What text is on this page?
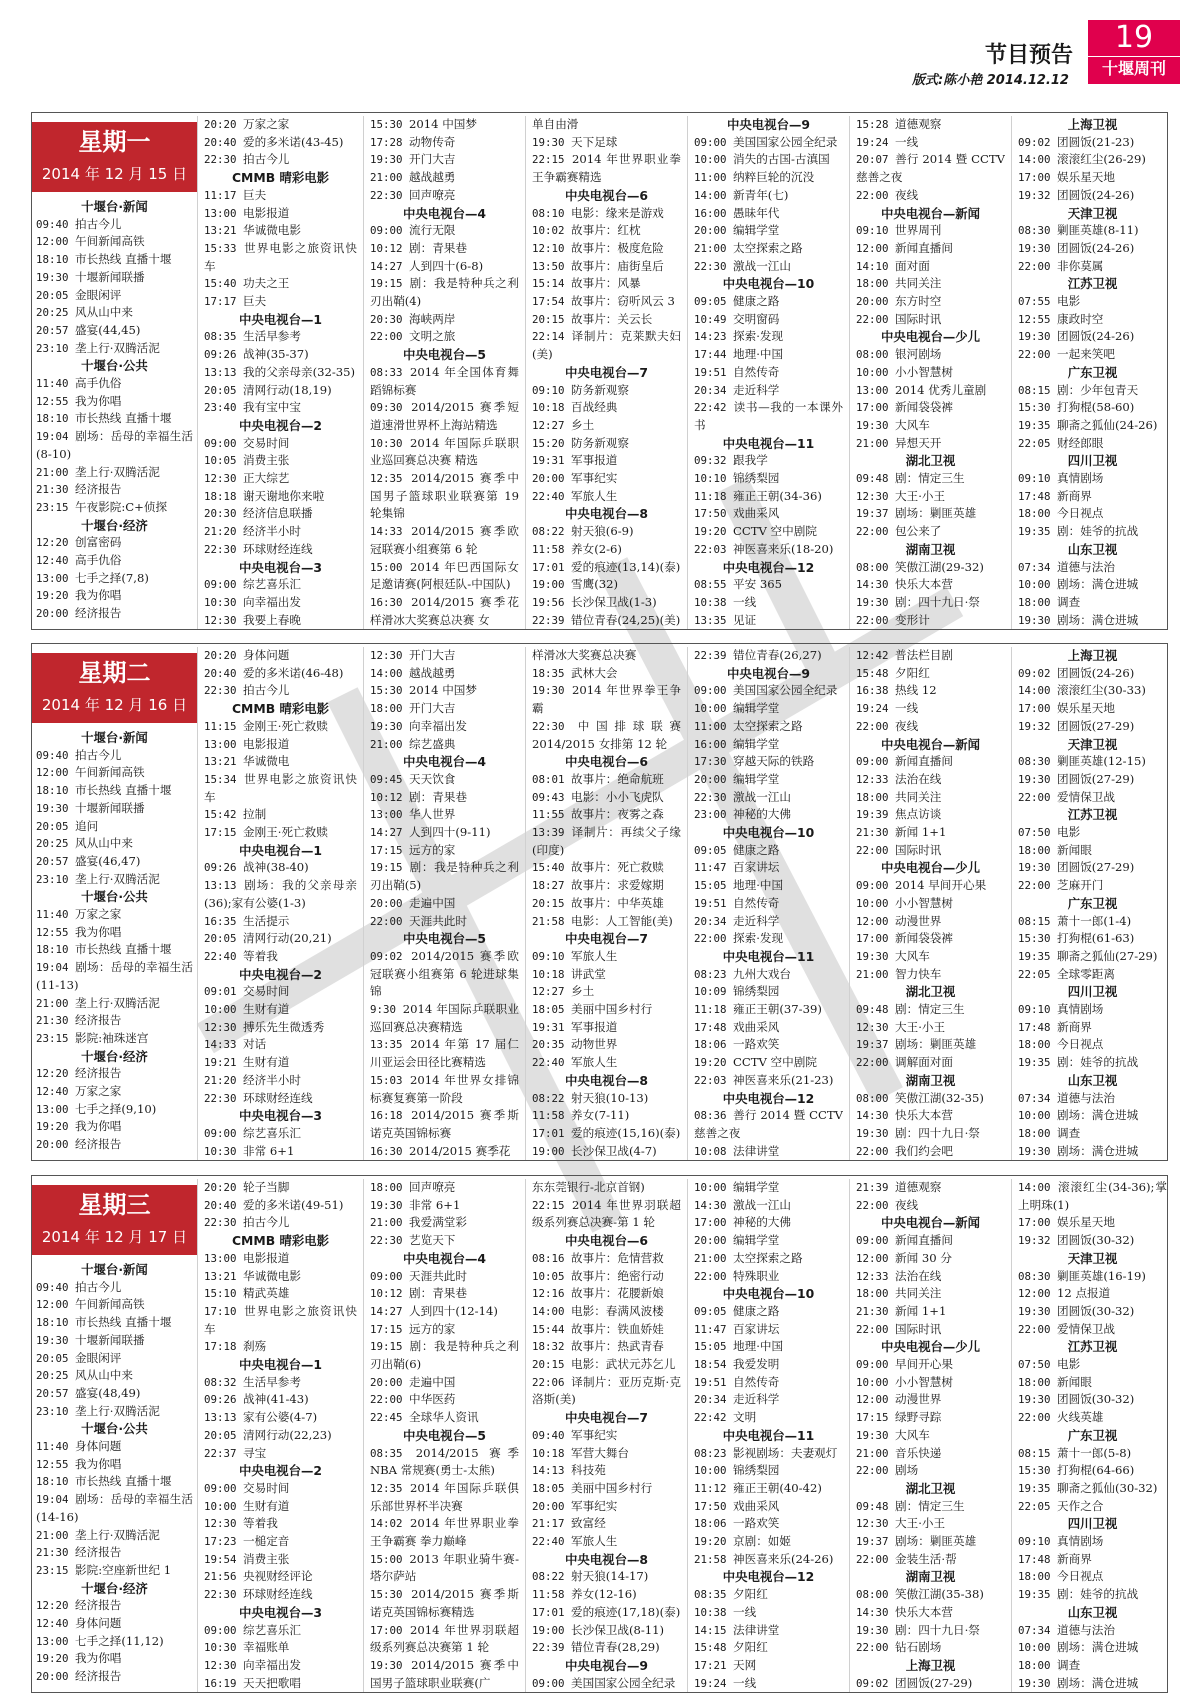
节目预告
版式:陈小艳 2014.12.12
19
十堰周刊
星期一
2014 年 12 月 15 日
十堰台·新闻
09:40 拍古今儿
12:00 午间新闻高铁
18:10 市长热线 直播十堰
19:30 十堰新闻联播
20:05 金眼闲评
20:25 风从山中来
20:57 盛宴(44,45)
23:10 垄上行·双腾活泥
十堰台·公共
11:40 高手仇俗
12:55 我为你唱
18:10 市长热线 直播十堰
19:04 剧场：岳母的幸福生活(8-10)
21:00 垄上行·双腾活泥
21:30 经济报告
23:15 午夜影院:C+侦探
十堰台·经济
12:20 创富密码
12:40 高手仇俗
13:00 七手之择(7,8)
19:20 我为你唱
20:00 经济报告
20:20 万家之家
20:40 爱的多米诺(43-45)
22:30 拍古今儿
CMMB 晴彩电影
11:17 巨夫
13:00 电影报道
13:21 华诚微电影
15:33 世界电影之旅资讯快车
15:40 功夫之王
17:17 巨夫
中央电视台—1
08:35 生活早参考
09:26 战神(35-37)
13:13 我的父亲母亲(32-35)
20:05 清网行动(18,19)
23:40 我有宝中宝
中央电视台—2
09:00 交易时间
10:05 消费主张
12:30 正大综艺
18:18 谢天谢地你来啦
20:30 经济信息联播
21:20 经济半小时
22:30 环球财经连线
中央电视台—3
09:00 综艺喜乐汇
10:30 向幸福出发
12:30 我要上春晚
15:30 2014 中国梦
17:28 动物传奇
19:30 开门大吉
21:00 越战越勇
22:30 回声嘹亮
中央电视台—4
09:00 流行无限
10:12 剧：青果巷
14:27 人到四十(6-8)
19:15 剧：我是特种兵之利刃出鞘(4)
20:30 海峡两岸
22:00 文明之旅
中央电视台—5
08:33 2014 年全国体育舞蹈锦标赛
09:30 2014/2015 赛季短道速滑世界杯上海站精选
10:30 2014 年国际乒联职业巡回赛总决赛 精选
12:35 2014/2015 赛季中国男子篮球职业联赛第 19 轮集锦
14:33 2014/2015 赛季欧冠联赛小组赛第 6 轮
15:00 2014 年巴西国际女足邀请赛(阿根廷队-中国队)
16:30 2014/2015 赛季花样滑冰大奖赛总决赛 女
单自由滑
19:30 天下足球
22:15 2014 年世界职业拳王争霸赛精选
中央电视台—6
08:10 电影：缘来是游戏
10:02 故事片：红枕
12:10 故事片：极度危险
13:50 故事片：庙街皇后
15:14 故事片：风暴
17:54 故事片：窃听风云 3
20:15 故事片：关云长
22:14 译制片：克莱默夫妇(美)
中央电视台—7
09:10 防务新观察
10:18 百战经典
12:27 乡土
15:20 防务新观察
19:31 军事报道
20:00 军事纪实
22:40 军旅人生
中央电视台—8
08:22 射天狼(6-9)
11:58 养女(2-6)
17:01 爱的痕迹(13,14)(泰)
19:00 雪鹰(32)
19:56 长沙保卫战(1-3)
22:39 错位青春(24,25)(美)
中央电视台—9
09:00 美国国家公园全纪录
10:00 消失的古国-古滇国
11:00 纳粹巨轮的沉没
14:00 新青年(七)
16:00 愚昧年代
20:00 编辑学堂
21:00 太空探索之路
22:30 激战一江山
中央电视台—10
09:05 健康之路
10:49 交明窗码
14:23 探索·发现
17:44 地理·中国
19:51 自然传奇
20:34 走近科学
22:42 读书—我的一本课外书
中央电视台—11
09:32 跟我学
10:10 锦绣梨园
11:18 雍正王朝(34-36)
17:50 戏曲采风
19:20 CCTV 空中剧院
22:03 神医喜来乐(18-20)
中央电视台—12
08:55 平安 365
10:38 一线
13:35 见证
15:28 道德观察
19:24 一线
20:07 善行 2014 暨 CCTV 慈善之夜
22:00 夜线
中央电视台—新闻
09:10 世界周刊
12:00 新闻直播间
14:10 面对面
18:00 共同关注
20:00 东方时空
22:00 国际时讯
中央电视台—少儿
08:00 银河剧场
10:00 小小智慧树
13:00 2014 优秀儿童剧
17:00 新闻袋袋裤
19:30 大风车
21:00 异想天开
湖北卫视
09:48 剧：情定三生
12:30 大王·小王
19:37 剧场：剿匪英雄
22:00 包公来了
湖南卫视
08:00 笑傲江湖(29-32)
14:30 快乐大本营
19:30 剧：四十九日·祭
22:00 变形计
上海卫视
09:02 团圆饭(21-23)
14:00 滚滚红尘(26-29)
17:00 娱乐星天地
19:32 团圆饭(24-26)
天津卫视
08:30 剿匪英雄(8-11)
19:30 团圆饭(24-26)
22:00 非你莫属
江苏卫视
07:55 电影
12:55 康政时空
19:30 团圆饭(24-26)
22:00 一起来笑吧
广东卫视
08:15 剧：少年包青天
15:30 打狗棍(58-60)
19:35 聊斋之狐仙(24-26)
22:05 财经郎眼
四川卫视
09:10 真情剧场
17:48 新商界
18:00 今日视点
19:35 剧：娃爷的抗战
山东卫视
07:34 道德与法治
10:00 剧场：满仓进城
18:00 调查
19:30 剧场：满仓进城
星期二
2014 年 12 月 16 日
十堰台·新闻
09:40 拍古今儿
12:00 午间新闻高铁
18:10 市长热线 直播十堰
19:30 十堰新闻联播
20:05 追问
20:25 风从山中来
20:57 盛宴(46,47)
23:10 垄上行·双腾活泥
十堰台·公共
11:40 万家之家
12:55 我为你唱
18:10 市长热线 直播十堰
19:04 剧场：岳母的幸福生活(11-13)
21:00 垄上行·双腾活泥
21:30 经济报告
23:15 影院:袖珠迷宫
十堰台·经济
12:20 经济报告
12:40 万家之家
13:00 七手之择(9,10)
19:20 我为你唱
20:00 经济报告
20:20 身体问题
20:40 爱的多米诺(46-48)
22:30 拍古今儿
CMMB 晴彩电影
11:15 金刚王·死亡救赎
13:00 电影报道
13:21 华诚微电
15:34 世界电影之旅资讯快车
15:42 拉制
17:15 金刚王·死亡救赎
中央电视台—1
09:26 战神(38-40)
13:13 剧场：我的父亲母亲(36);家有公婆(1-3)
16:35 生活提示
20:05 清网行动(20,21)
22:40 等着我
中央电视台—2
09:01 交易时间
10:00 生财有道
12:30 搏乐先生微透秀
14:33 对话
19:21 生财有道
21:20 经济半小时
22:30 环球财经连线
中央电视台—3
09:00 综艺喜乐汇
10:30 非常 6+1
12:30 开门大吉
14:00 越战越勇
15:30 2014 中国梦
18:00 开门大吉
19:30 向幸福出发
21:00 综艺盛典
中央电视台—4
09:45 天天饮食
10:12 剧：青果巷
13:00 华人世界
14:27 人到四十(9-11)
17:15 远方的家
19:15 剧：我是特种兵之利刃出鞘(5)
20:00 走遍中国
22:00 天涯共此时
中央电视台—5
09:02 2014/2015 赛季欧冠联赛小组赛第 6 轮进球集锦
9:30 2014 年国际乒联职业巡回赛总决赛精选
13:35 2014 年第 17 届仁川亚运会田径比赛精选
15:03 2014 年世界女排锦标赛复赛第一阶段
16:18 2014/2015 赛季斯诺克英国锦标赛
16:30 2014/2015 赛季花
样滑冰大奖赛总决赛
18:35 武林大会
19:30 2014 年世界拳王争霸
22:30 中国排球联赛 2014/2015 女排第 12 轮
中央电视台—6
08:01 故事片：绝命航班
09:43 电影：小小飞虎队
11:55 故事片：夜雾之森
13:39 译制片：再续父子缘(印度)
15:40 故事片：死亡救赎
18:27 故事片：求爱嫁期
20:15 故事片：中华英雄
21:58 电影：人工智能(美)
中央电视台—7
09:10 军旅人生
10:18 讲武堂
12:27 乡土
18:05 美丽中国乡村行
19:31 军事报道
20:35 动物世界
22:40 军旅人生
中央电视台—8
08:22 射天狼(10-13)
11:58 养女(7-11)
17:01 爱的痕迹(15,16)(泰)
19:00 长沙保卫战(4-7)
22:39 错位青春(26,27)
中央电视台—9
09:00 美国国家公园全纪录
10:00 编辑学堂
11:00 太空探索之路
16:00 编辑学堂
17:30 穿越天际的铁路
20:00 编辑学堂
22:30 激战一江山
23:00 神秘的大佛
中央电视台—10
09:05 健康之路
11:47 百家讲坛
15:05 地理·中国
19:51 自然传奇
20:34 走近科学
22:00 探索·发现
中央电视台—11
08:23 九州大戏台
10:09 锦绣梨园
11:18 雍正王朝(37-39)
17:48 戏曲采风
18:06 一路欢笑
19:20 CCTV 空中剧院
22:03 神医喜来乐(21-23)
中央电视台—12
08:36 善行 2014 暨 CCTV 慈善之夜
10:08 法律讲堂
12:42 普法栏目剧
15:48 夕阳红
16:38 热线 12
19:24 一线
22:00 夜线
中央电视台—新闻
09:00 新闻直播间
12:33 法治在线
18:00 共同关注
19:39 焦点访谈
21:30 新闻 1+1
22:00 国际时讯
中央电视台—少儿
09:00 2014 早间开心果
10:00 小小智慧树
12:00 动漫世界
17:00 新闻袋袋裤
19:30 大风车
21:00 智力快车
湖北卫视
09:48 剧：情定三生
12:30 大王·小王
19:37 剧场：剿匪英雄
22:00 调解面对面
湖南卫视
08:00 笑傲江湖(32-35)
14:30 快乐大本营
19:30 剧：四十九日·祭
22:00 我们约会吧
上海卫视
09:02 团圆饭(24-26)
14:00 滚滚红尘(30-33)
17:00 娱乐星天地
19:32 团圆饭(27-29)
天津卫视
08:30 剿匪英雄(12-15)
19:30 团圆饭(27-29)
22:00 爱情保卫战
江苏卫视
07:50 电影
18:00 新闻眼
19:30 团圆饭(27-29)
22:00 芝麻开门
广东卫视
08:15 萧十一郎(1-4)
15:30 打狗棍(61-63)
19:35 聊斋之狐仙(27-29)
22:05 全球零距离
四川卫视
09:10 真情剧场
17:48 新商界
18:00 今日视点
19:35 剧：娃爷的抗战
山东卫视
07:34 道德与法治
10:00 剧场：满仓进城
18:00 调查
19:30 剧场：满仓进城
星期三
2014 年 12 月 17 日
十堰台·新闻
09:40 拍古今儿
12:00 午间新闻高铁
18:10 市长热线 直播十堰
19:30 十堰新闻联播
20:05 金眼闲评
20:25 风从山中来
20:57 盛宴(48,49)
23:10 垄上行·双腾活泥
十堰台·公共
11:40 身体问题
12:55 我为你唱
18:10 市长热线 直播十堰
19:04 剧场：岳母的幸福生活(14-16)
21:00 垄上行·双腾活泥
21:30 经济报告
23:15 影院:空座新世纪 1
十堰台·经济
12:20 经济报告
12:40 身体问题
13:00 七手之择(11,12)
19:20 我为你唱
20:00 经济报告
20:20 轮子当脚
20:40 爱的多米诺(49-51)
22:30 拍古今儿
CMMB 晴彩电影
13:00 电影报道
13:21 华诚微电影
15:10 精武英雄
17:10 世界电影之旅资讯快车
17:18 刹殇
中央电视台—1
08:32 生活早参考
09:26 战神(41-43)
13:13 家有公婆(4-7)
20:05 清网行动(22,23)
22:37 寻宝
中央电视台—2
09:00 交易时间
10:00 生财有道
12:30 等着我
17:23 一槌定音
19:54 消费主张
21:56 央视财经评论
22:30 环球财经连线
中央电视台—3
09:00 综艺喜乐汇
10:30 幸福账单
12:30 向幸福出发
16:19 天天把歌唱
18:00 回声嘹亮
19:30 非常 6+1
21:00 我爱满堂彩
22:30 艺览天下
中央电视台—4
09:00 天涯共此时
10:12 剧：青果巷
14:27 人到四十(12-14)
17:15 远方的家
19:15 剧：我是特种兵之利刃出鞘(6)
20:00 走遍中国
22:00 中华医药
22:45 全球华人资讯
中央电视台—5
08:35 2014/2015 赛季 NBA 常规赛(勇士-太熊)
12:35 2014 年国际乒联俱乐部世界杯半决赛
14:02 2014 年世界职业拳王争霸赛 拳力巅峰
15:00 2013 年职业骑牛赛-塔尔萨站
15:30 2014/2015 赛季斯诺克英国锦标赛精选
17:00 2014 年世界羽联超级系列赛总决赛第 1 轮
19:30 2014/2015 赛季中国男子篮球职业联赛(广
东东莞银行-北京首钢)
22:15 2014 年世界羽联超级系列赛总决赛-第 1 轮
中央电视台—6
08:16 故事片：危情营救
10:05 故事片：绝密行动
12:16 故事片：花腰新娘
14:00 电影：春满风波楼
15:44 故事片：铁血娇娃
18:32 故事片：热武青春
20:15 电影：武状元苏乞儿
22:06 译制片：亚历克斯·克洛斯(美)
中央电视台—7
09:40 军事纪实
10:18 军营大舞台
14:13 科技苑
18:05 美丽中国乡村行
20:00 军事纪实
21:17 致富经
22:40 军旅人生
中央电视台—8
08:22 射天狼(14-17)
11:58 养女(12-16)
17:01 爱的痕迹(17,18)(泰)
19:00 长沙保卫战(8-11)
22:39 错位青春(28,29)
中央电视台—9
09:00 美国国家公园全纪录
10:00 编辑学堂
14:30 激战一江山
17:00 神秘的大佛
20:00 编辑学堂
21:00 太空探索之路
22:00 特殊职业
中央电视台—10
09:05 健康之路
11:47 百家讲坛
15:05 地理·中国
18:54 我爱发明
19:51 自然传奇
20:34 走近科学
22:42 文明
中央电视台—11
08:23 影视剧场：夫妻观灯
10:00 锦绣梨园
11:12 雍正王朝(40-42)
17:50 戏曲采风
18:06 一路欢笑
19:20 京剧：如姬
21:58 神医喜来乐(24-26)
中央电视台—12
08:35 夕阳红
10:38 一线
14:15 法律讲堂
15:48 夕阳红
17:21 天网
19:24 一线
21:39 道德观察
22:00 夜线
中央电视台—新闻
09:00 新闻直播间
12:00 新闻 30 分
12:33 法治在线
18:00 共同关注
21:30 新闻 1+1
22:00 国际时讯
中央电视台—少儿
09:00 早间开心果
10:00 小小智慧树
12:00 动漫世界
17:15 绿野寻踪
19:30 大风车
21:00 音乐快递
22:00 剧场
湖北卫视
09:48 剧：情定三生
12:30 大王·小王
19:37 剧场：剿匪英雄
22:00 金装生活·帮
湖南卫视
08:00 笑傲江湖(35-38)
14:30 快乐大本营
19:30 剧：四十九日·祭
22:00 钻石剧场
上海卫视
09:02 团圆饭(27-29)
14:00 滚滚红尘(34-36);掌上明珠(1)
17:00 娱乐星天地
19:32 团圆饭(30-32)
天津卫视
08:30 剿匪英雄(16-19)
12:00 12 点报道
19:30 团圆饭(30-32)
22:00 爱情保卫战
江苏卫视
07:50 电影
18:00 新闻眼
19:30 团圆饭(30-32)
22:00 火线英雄
广东卫视
08:15 萧十一郎(5-8)
15:30 打狗棍(64-66)
19:35 聊斋之狐仙(30-32)
22:05 天作之合
四川卫视
09:10 真情剧场
17:48 新商界
18:00 今日视点
19:35 剧：娃爷的抗战
山东卫视
07:34 道德与法治
10:00 剧场：满仓进城
18:00 调查
19:30 剧场：满仓进城
